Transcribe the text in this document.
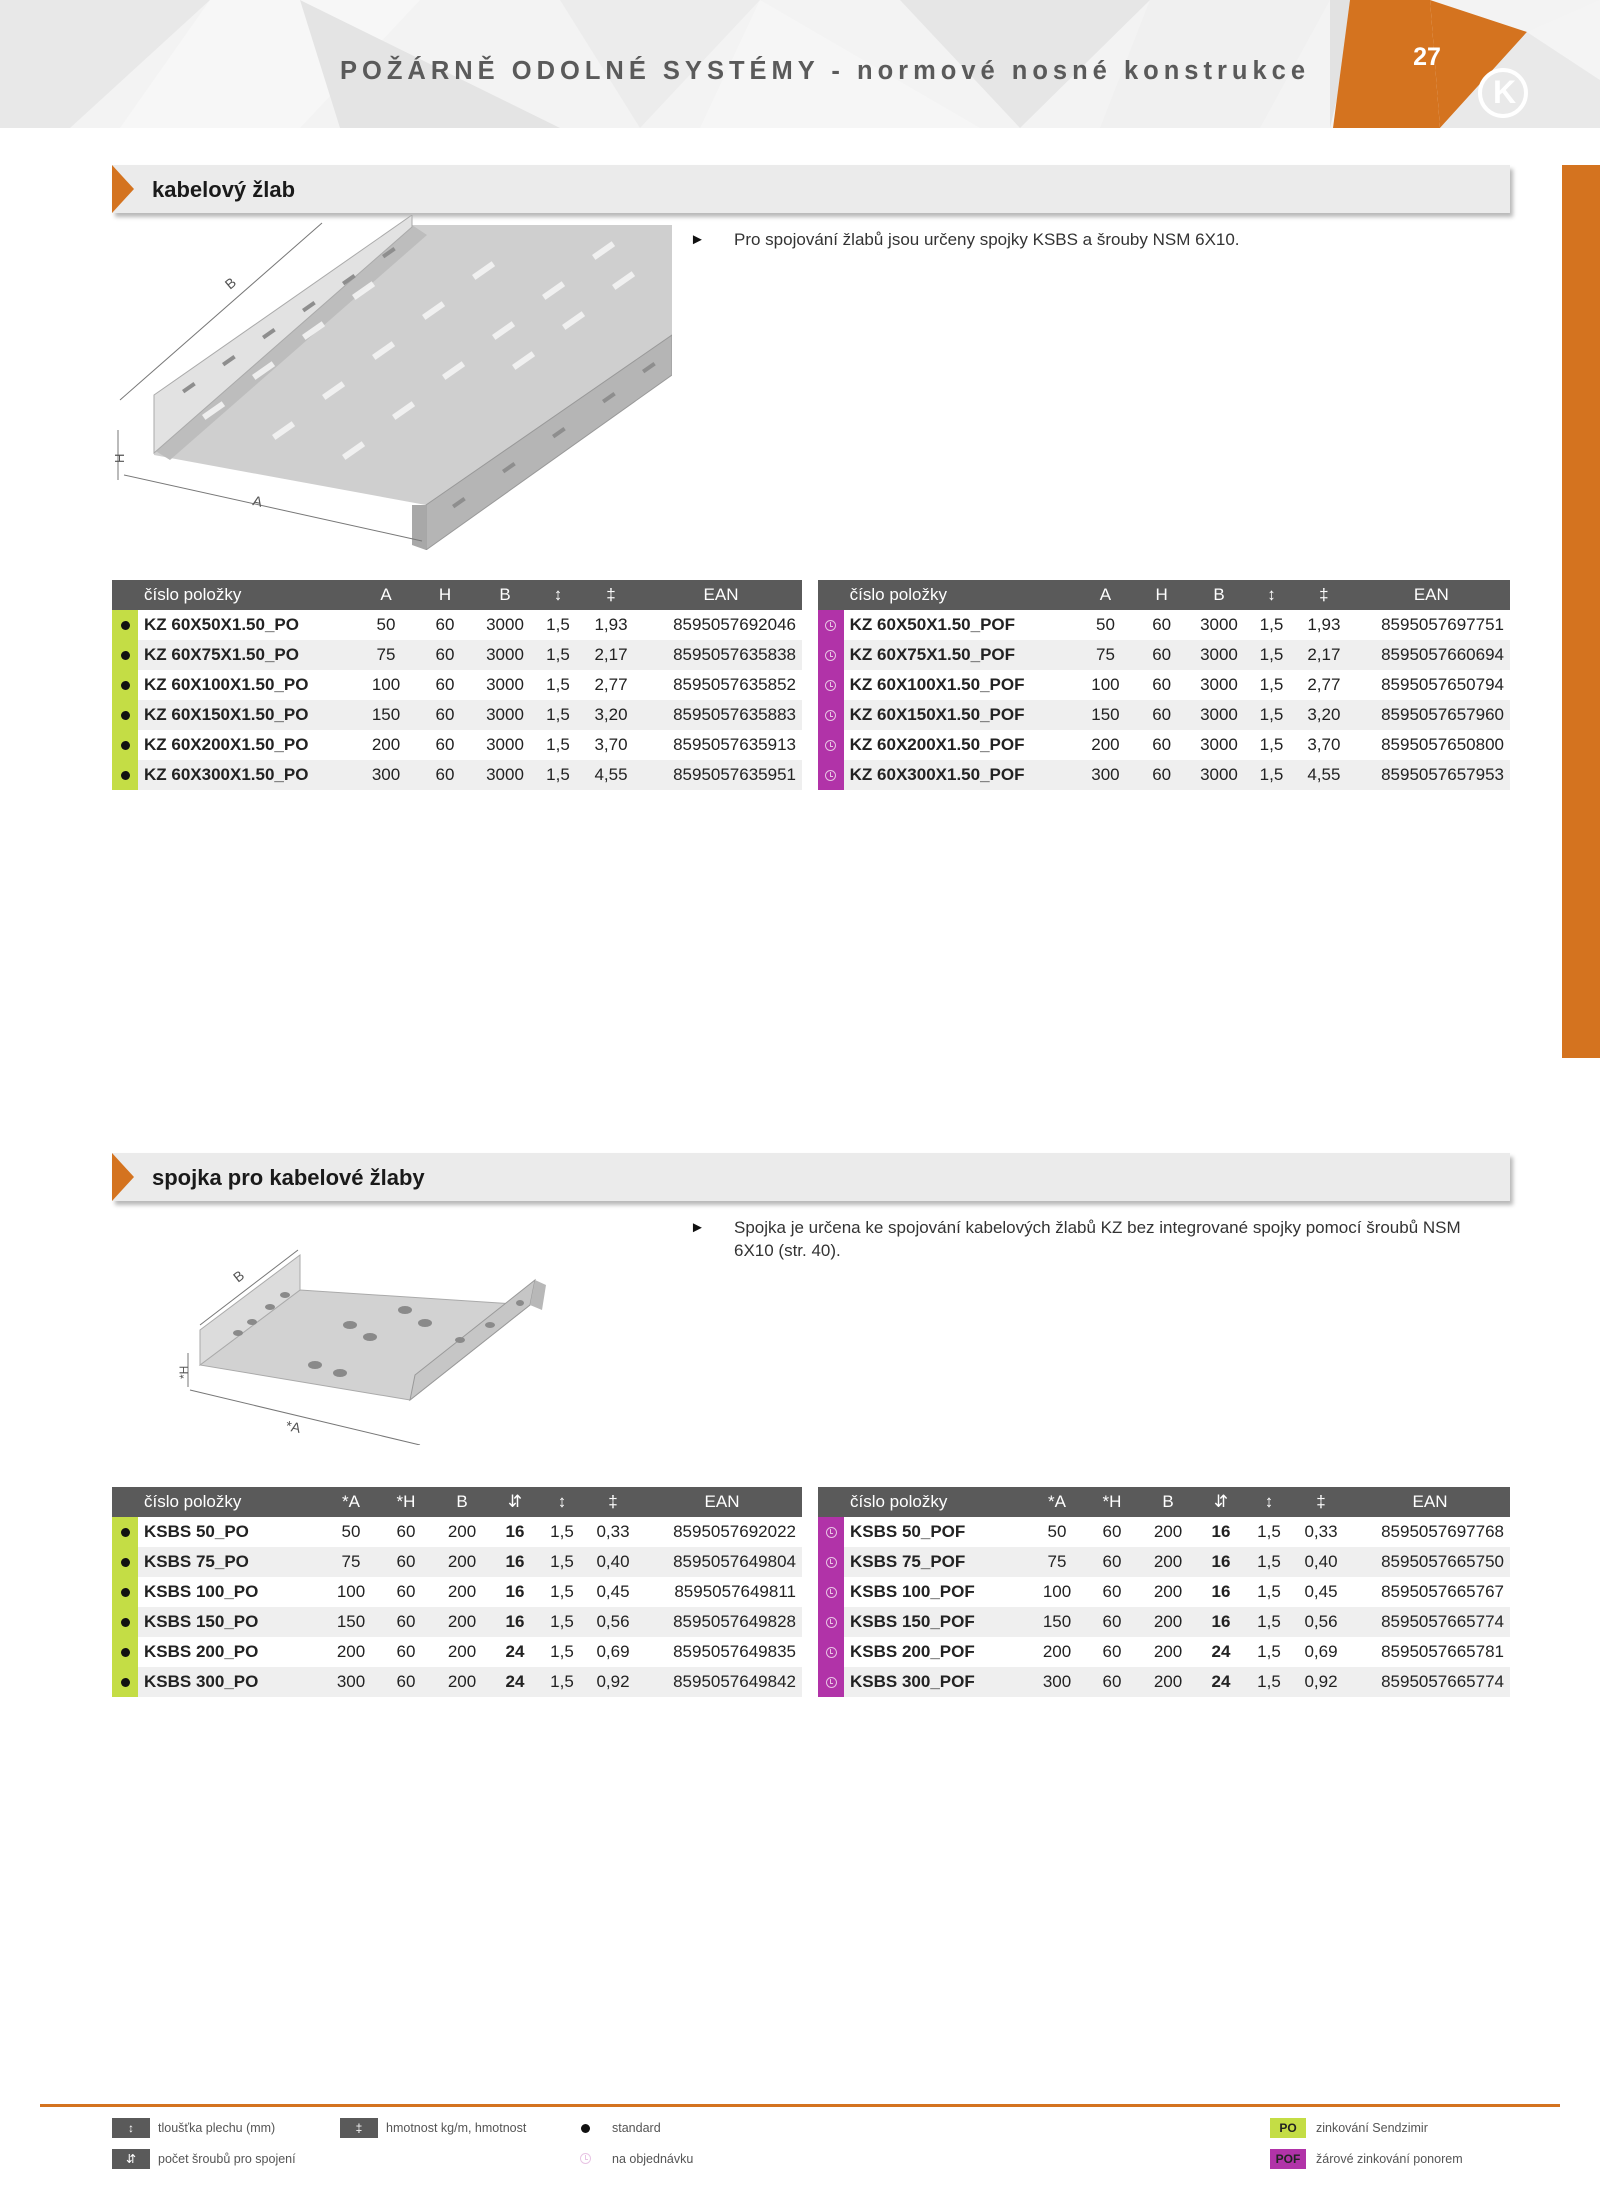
POŽÁRNĚ ODOLNÉ SYSTÉMY - normové nosné konstrukce	27
K
kabelový žlab
B
A
H
► Pro spojování žlabů jsou určeny spojky KSBS a šrouby NSM 6X10.
	číslo položky	A	H	B	↕	‡	EAN
	KZ 60X50X1.50_PO	50	60	3000	1,5	1,93	8595057692046
	KZ 60X75X1.50_PO	75	60	3000	1,5	2,17	8595057635838
	KZ 60X100X1.50_PO	100	60	3000	1,5	2,77	8595057635852
	KZ 60X150X1.50_PO	150	60	3000	1,5	3,20	8595057635883
	KZ 60X200X1.50_PO	200	60	3000	1,5	3,70	8595057635913
	KZ 60X300X1.50_PO	300	60	3000	1,5	4,55	8595057635951
	číslo položky	A	H	B	↕	‡	EAN
	KZ 60X50X1.50_POF	50	60	3000	1,5	1,93	8595057697751
	KZ 60X75X1.50_POF	75	60	3000	1,5	2,17	8595057660694
	KZ 60X100X1.50_POF	100	60	3000	1,5	2,77	8595057650794
	KZ 60X150X1.50_POF	150	60	3000	1,5	3,20	8595057657960
	KZ 60X200X1.50_POF	200	60	3000	1,5	3,70	8595057650800
	KZ 60X300X1.50_POF	300	60	3000	1,5	4,55	8595057657953
spojka pro kabelové žlaby
B
*A
*H
► Spojka je určena ke spojování kabelových žlabů KZ bez integrované spojky pomocí šroubů NSM 6X10 (str. 40).
	číslo položky	*A	*H	B	⇵	↕	‡	EAN
	KSBS 50_PO	50	60	200	16	1,5	0,33	8595057692022
	KSBS 75_PO	75	60	200	16	1,5	0,40	8595057649804
	KSBS 100_PO	100	60	200	16	1,5	0,45	8595057649811
	KSBS 150_PO	150	60	200	16	1,5	0,56	8595057649828
	KSBS 200_PO	200	60	200	24	1,5	0,69	8595057649835
	KSBS 300_PO	300	60	200	24	1,5	0,92	8595057649842
	číslo položky	*A	*H	B	⇵	↕	‡	EAN
	KSBS 50_POF	50	60	200	16	1,5	0,33	8595057697768
	KSBS 75_POF	75	60	200	16	1,5	0,40	8595057665750
	KSBS 100_POF	100	60	200	16	1,5	0,45	8595057665767
	KSBS 150_POF	150	60	200	16	1,5	0,56	8595057665774
	KSBS 200_POF	200	60	200	24	1,5	0,69	8595057665781
	KSBS 300_POF	300	60	200	24	1,5	0,92	8595057665774
↕	tloušťka plechu (mm)	‡	hmotnost kg/m, hmotnost
⇵	počet šroubů pro spojení
standard
na objednávku
PO	zinkování Sendzimir
POF	žárové zinkování ponorem
